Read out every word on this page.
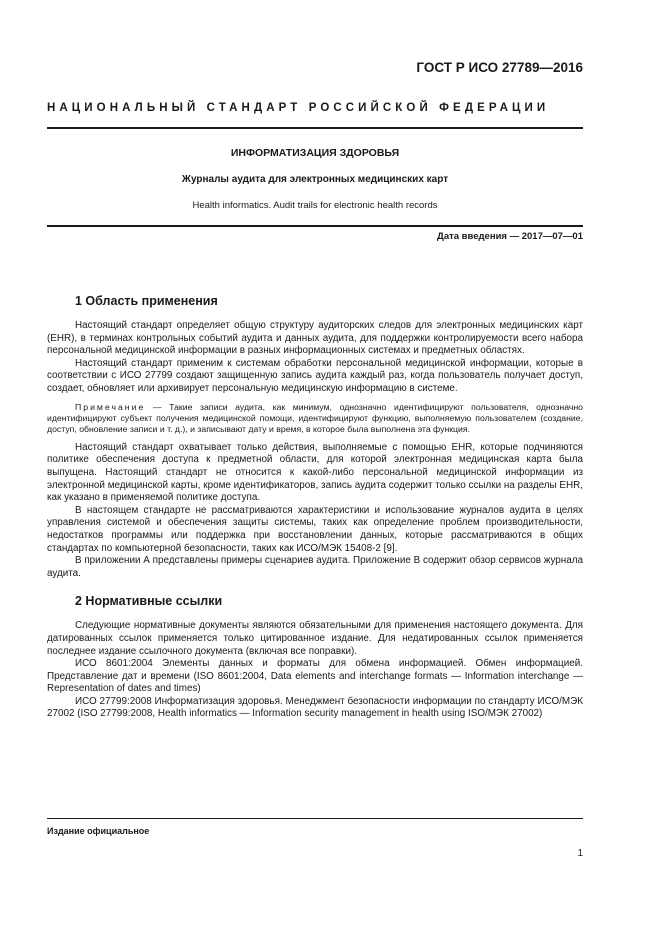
ГОСТ Р ИСО 27789—2016
НАЦИОНАЛЬНЫЙ СТАНДАРТ РОССИЙСКОЙ ФЕДЕРАЦИИ
ИНФОРМАТИЗАЦИЯ ЗДОРОВЬЯ
Журналы аудита для электронных медицинских карт
Health informatics. Audit trails for electronic health records
Дата введения — 2017—07—01
1 Область применения

Настоящий стандарт определяет общую структуру аудиторских следов для электронных медицинских карт (EHR), в терминах контрольных событий аудита и данных аудита, для поддержки контролируемости всего набора персональной медицинской информации в разных информационных системах и предметных областях.

Настоящий стандарт применим к системам обработки персональной медицинской информации, которые в соответствии с ИСО 27799 создают защищенную запись аудита каждый раз, когда пользователь получает доступ, создает, обновляет или архивирует персональную медицинскую информацию в системе.

Примечание — Такие записи аудита, как минимум, однозначно идентифицируют пользователя, однозначно идентифицируют субъект получения медицинской помощи, идентифицируют функцию, выполняемую пользователем (создание, доступ, обновление записи и т. д.), и записывают дату и время, в которое была выполнена эта функция.

Настоящий стандарт охватывает только действия, выполняемые с помощью EHR, которые подчиняются политике обеспечения доступа к предметной области, для которой электронная медицинская карта была выпущена. Настоящий стандарт не относится к какой-либо персональной медицинской информации из электронной медицинской карты, кроме идентификаторов, запись аудита содержит только ссылки на разделы EHR, как указано в применяемой политике доступа.

В настоящем стандарте не рассматриваются характеристики и использование журналов аудита в целях управления системой и обеспечения защиты системы, таких как определение проблем производительности, недостатков программы или поддержка при восстановлении данных, которые рассматриваются в общих стандартах по компьютерной безопасности, таких как ИСО/МЭК 15408-2 [9].

В приложении А представлены примеры сценариев аудита. Приложение В содержит обзор сервисов журнала аудита.

2 Нормативные ссылки

Следующие нормативные документы являются обязательными для применения настоящего документа. Для датированных ссылок применяется только цитированное издание. Для недатированных ссылок применяется последнее издание ссылочного документа (включая все поправки).

ИСО 8601:2004 Элементы данных и форматы для обмена информацией. Обмен информацией. Представление дат и времени (ISO 8601:2004, Data elements and interchange formats — Information interchange — Representation of dates and times)

ИСО 27799:2008 Информатизация здоровья. Менеджмент безопасности информации по стандарту ИСО/МЭК 27002 (ISO 27799:2008, Health informatics — Information security management in health using ISO/МЭК 27002)

Издание официальное
1
